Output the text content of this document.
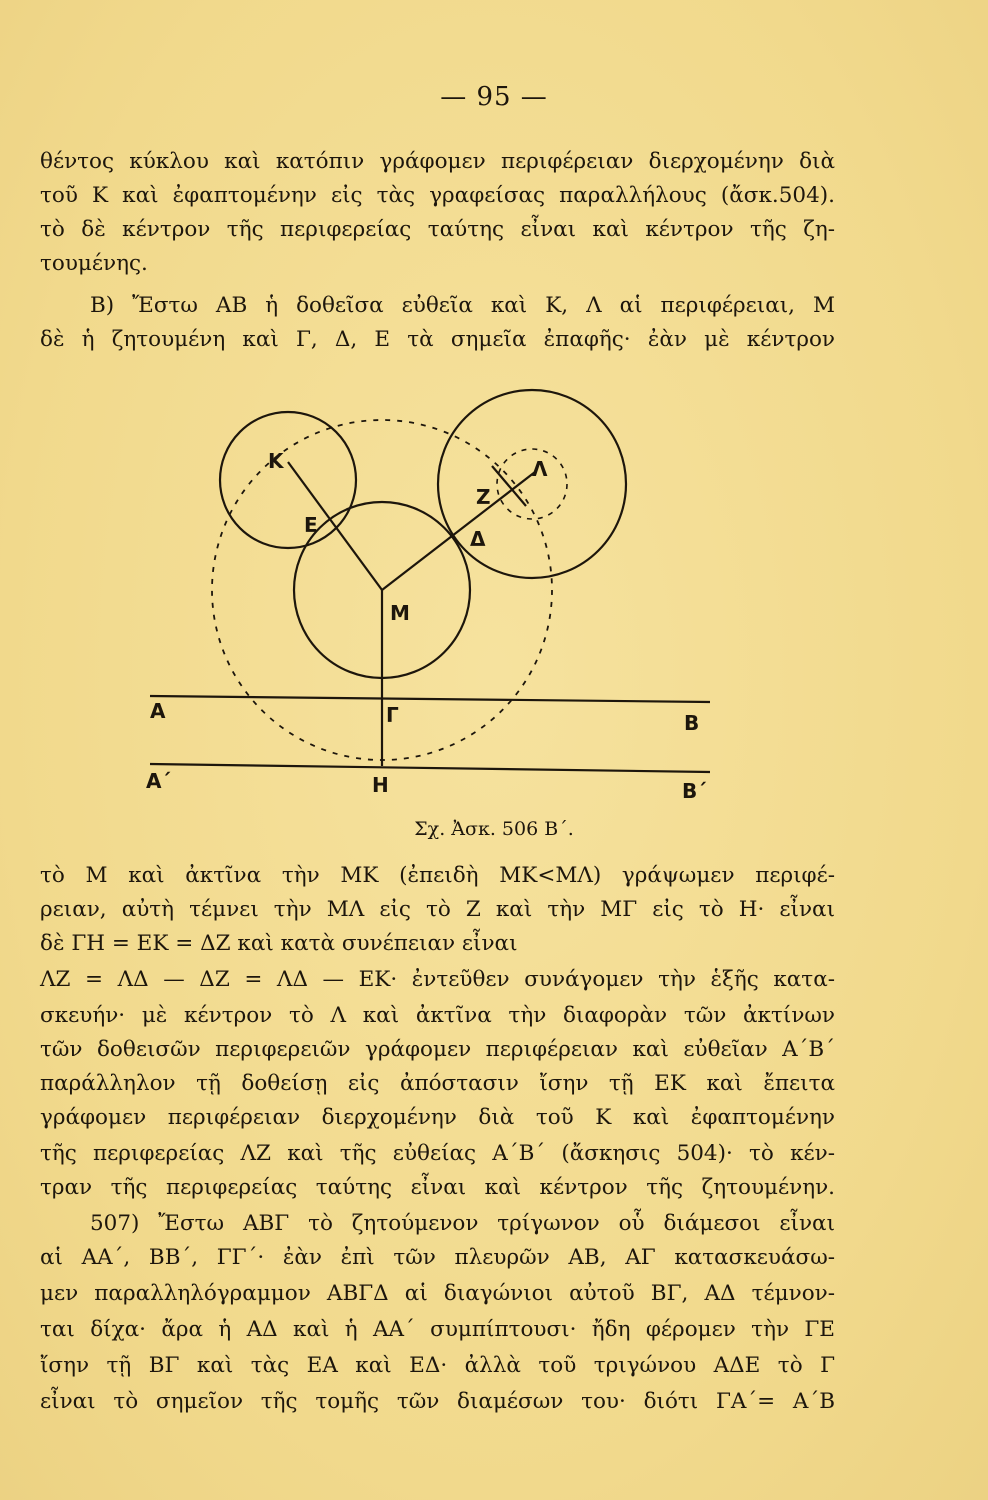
— 95 —
θέντος κύκλου καὶ κατόπιν γράφομεν περιφέρειαν διερχομένην διὰ
τοῦ Κ καὶ ἐφαπτομένην εἰς τὰς γραφείσας παραλλήλους (ἄσκ.504).
τὸ δὲ κέντρον τῆς περιφερείας ταύτης εἶναι καὶ κέντρον τῆς ζη-
τουμένης.
Β) Ἔστω ΑΒ ἡ δοθεῖσα εὐθεῖα καὶ Κ, Λ αἱ περιφέρειαι, Μ
δὲ ἡ ζητουμένη καὶ Γ, Δ, Ε τὰ σημεῖα ἐπαφῆς· ἐὰν μὲ κέντρον
Κ
Ε
Μ
Δ
Ζ
Λ
Α	Β
Γ
Α΄	Β΄
Η
Σχ. Ἀσκ. 506 Β΄.
τὸ Μ καὶ ἀκτῖνα τὴν ΜΚ (ἐπειδὴ ΜΚ<ΜΛ) γράψωμεν περιφέ-
ρειαν, αὐτὴ τέμνει τὴν ΜΛ εἰς τὸ Ζ καὶ τὴν ΜΓ εἰς τὸ Η· εἶναι
δὲ ΓΗ = ΕΚ = ΔΖ καὶ κατὰ συνέπειαν εἶναι
ΛΖ = ΛΔ — ΔΖ = ΛΔ — ΕΚ· ἐντεῦθεν συνάγομεν τὴν ἑξῆς κατα-
σκευήν· μὲ κέντρον τὸ Λ καὶ ἀκτῖνα τὴν διαφορὰν τῶν ἀκτίνων
τῶν δοθεισῶν περιφερειῶν γράφομεν περιφέρειαν καὶ εὐθεῖαν Α΄Β΄
παράλληλον τῇ δοθείσῃ εἰς ἀπόστασιν ἴσην τῇ ΕΚ καὶ ἔπειτα
γράφομεν περιφέρειαν διερχομένην διὰ τοῦ Κ καὶ ἐφαπτομένην
τῆς περιφερείας ΛΖ καὶ τῆς εὐθείας Α΄Β΄ (ἄσκησις 504)· τὸ κέν-
τραν τῆς περιφερείας ταύτης εἶναι καὶ κέντρον τῆς ζητουμένην.
507) Ἔστω ΑΒΓ τὸ ζητούμενον τρίγωνον οὗ διάμεσοι εἶναι
αἱ ΑΑ΄, ΒΒ΄, ΓΓ΄· ἐὰν ἐπὶ τῶν πλευρῶν ΑΒ, ΑΓ κατασκευάσω-
μεν παραλληλόγραμμον ΑΒΓΔ αἱ διαγώνιοι αὐτοῦ ΒΓ, ΑΔ τέμνον-
ται δίχα· ἄρα ἡ ΑΔ καὶ ἡ ΑΑ΄ συμπίπτουσι· ἤδη φέρομεν τὴν ΓΕ
ἴσην τῇ ΒΓ καὶ τὰς ΕΑ καὶ ΕΔ· ἀλλὰ τοῦ τριγώνου ΑΔΕ τὸ Γ
εἶναι τὸ σημεῖον τῆς τομῆς τῶν διαμέσων του· διότι ΓΑ΄= Α΄Β
